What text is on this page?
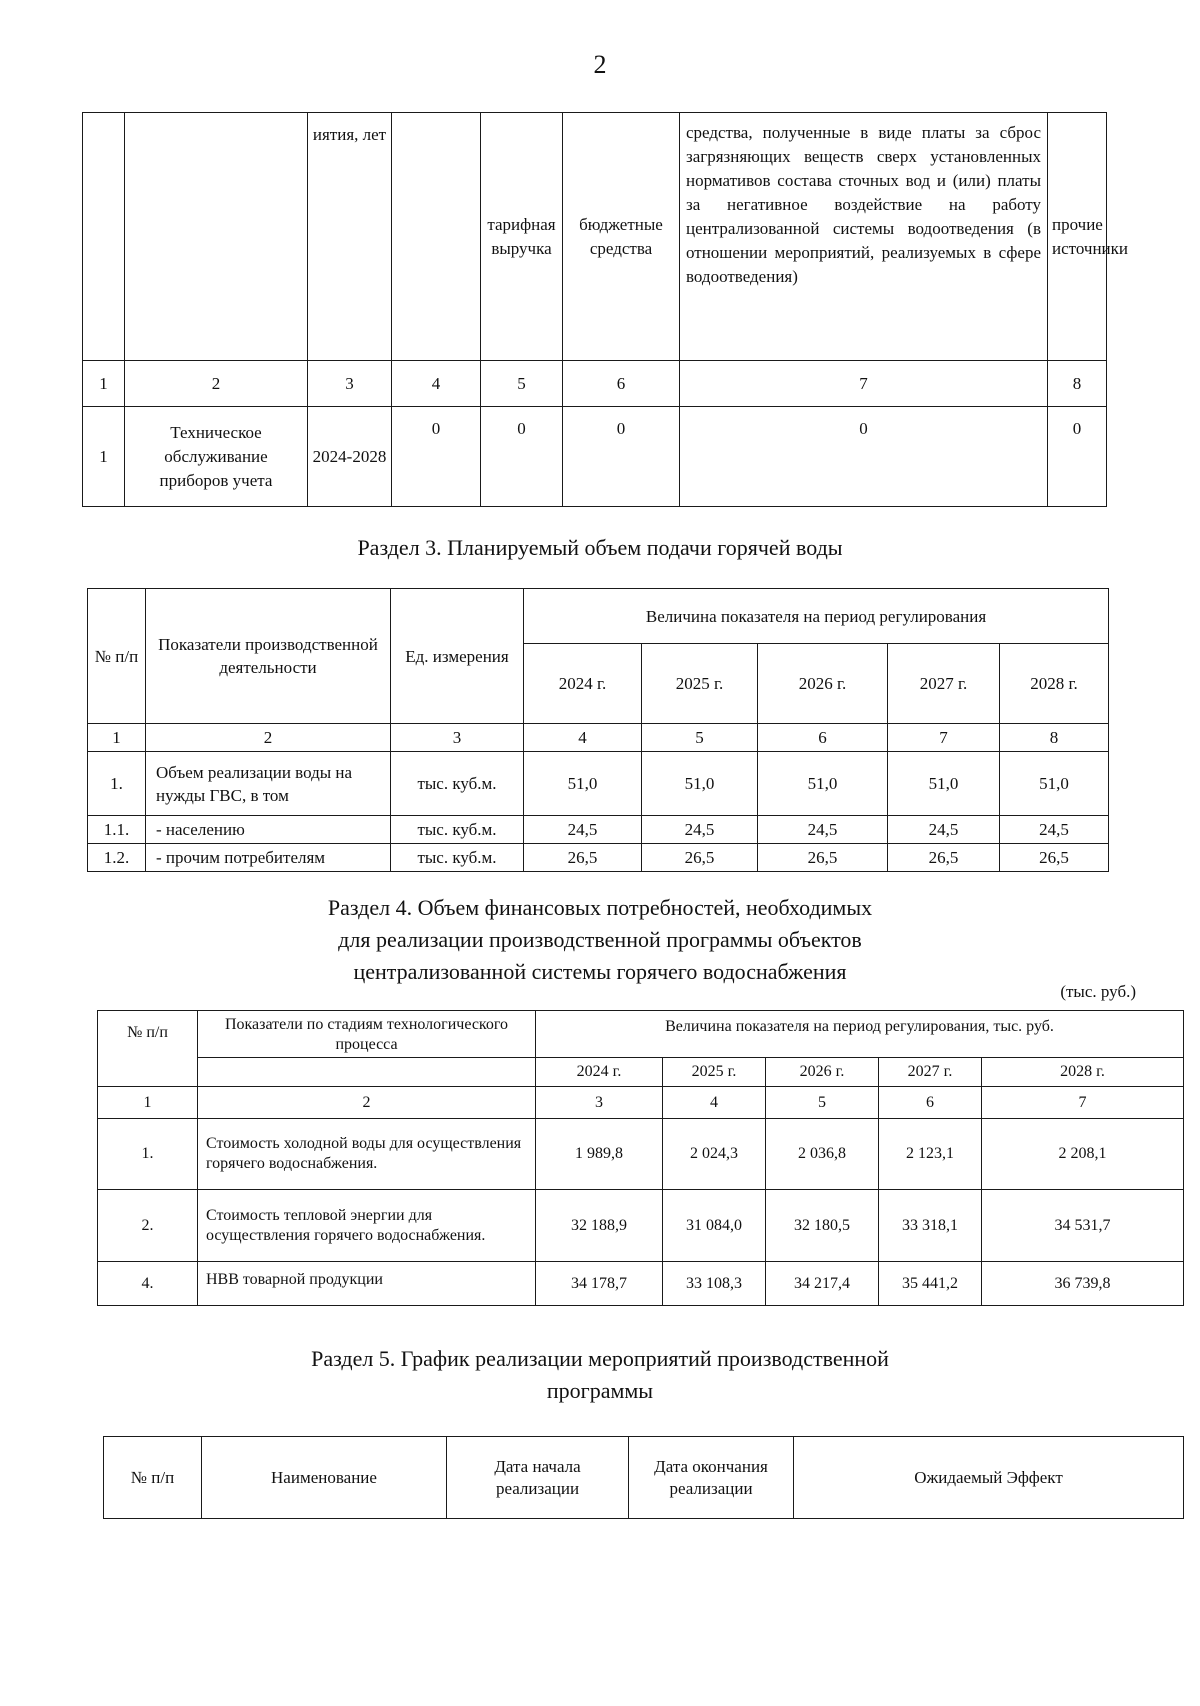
2
		иятия, лет		тарифная выручка	бюджетные средства	средства, полученные в виде платы за сброс загрязняющих веществ сверх установленных нормативов состава сточных вод и (или) платы за негативное воздействие на работу централизованной системы водоотведения (в отношении мероприятий, реализуемых в сфере водоотведения)	прочие источники
1	2	3	4	5	6	7	8
1	Техническое обслуживание приборов учета	2024-2028	0	0	0	0	0
Раздел 3. Планируемый объем подачи горячей воды
№ п/п	Показатели производственной деятельности	Ед. измерения	Величина показателя на период регулирования				
			2024 г.	2025 г.	2026 г.	2027 г.	2028 г.
1	2	3	4	5	6	7	8
1.	Объем реализации воды на нужды ГВС, в том	тыс. куб.м.	51,0	51,0	51,0	51,0	51,0
1.1.	- населению	тыс. куб.м.	24,5	24,5	24,5	24,5	24,5
1.2.	- прочим потребителям	тыс. куб.м.	26,5	26,5	26,5	26,5	26,5
Раздел 4. Объем финансовых потребностей, необходимых
для реализации производственной программы объектов
централизованной системы горячего водоснабжения
(тыс. руб.)
№ п/п	Показатели по стадиям технологического процесса	Величина показателя на период регулирования, тыс. руб.				
		2024 г.	2025 г.	2026 г.	2027 г.	2028 г.
1	2	3	4	5	6	7
1.	Стоимость холодной воды для осуществления горячего водоснабжения.	1 989,8	2 024,3	2 036,8	2 123,1	2 208,1
2.	Стоимость тепловой энергии для осуществления горячего водоснабжения.	32 188,9	31 084,0	32 180,5	33 318,1	34 531,7
4.	НВВ товарной продукции	34 178,7	33 108,3	34 217,4	35 441,2	36 739,8
Раздел 5. График реализации мероприятий производственной
программы
№ п/п	Наименование	Дата начала реализации	Дата окончания реализации	Ожидаемый Эффект
